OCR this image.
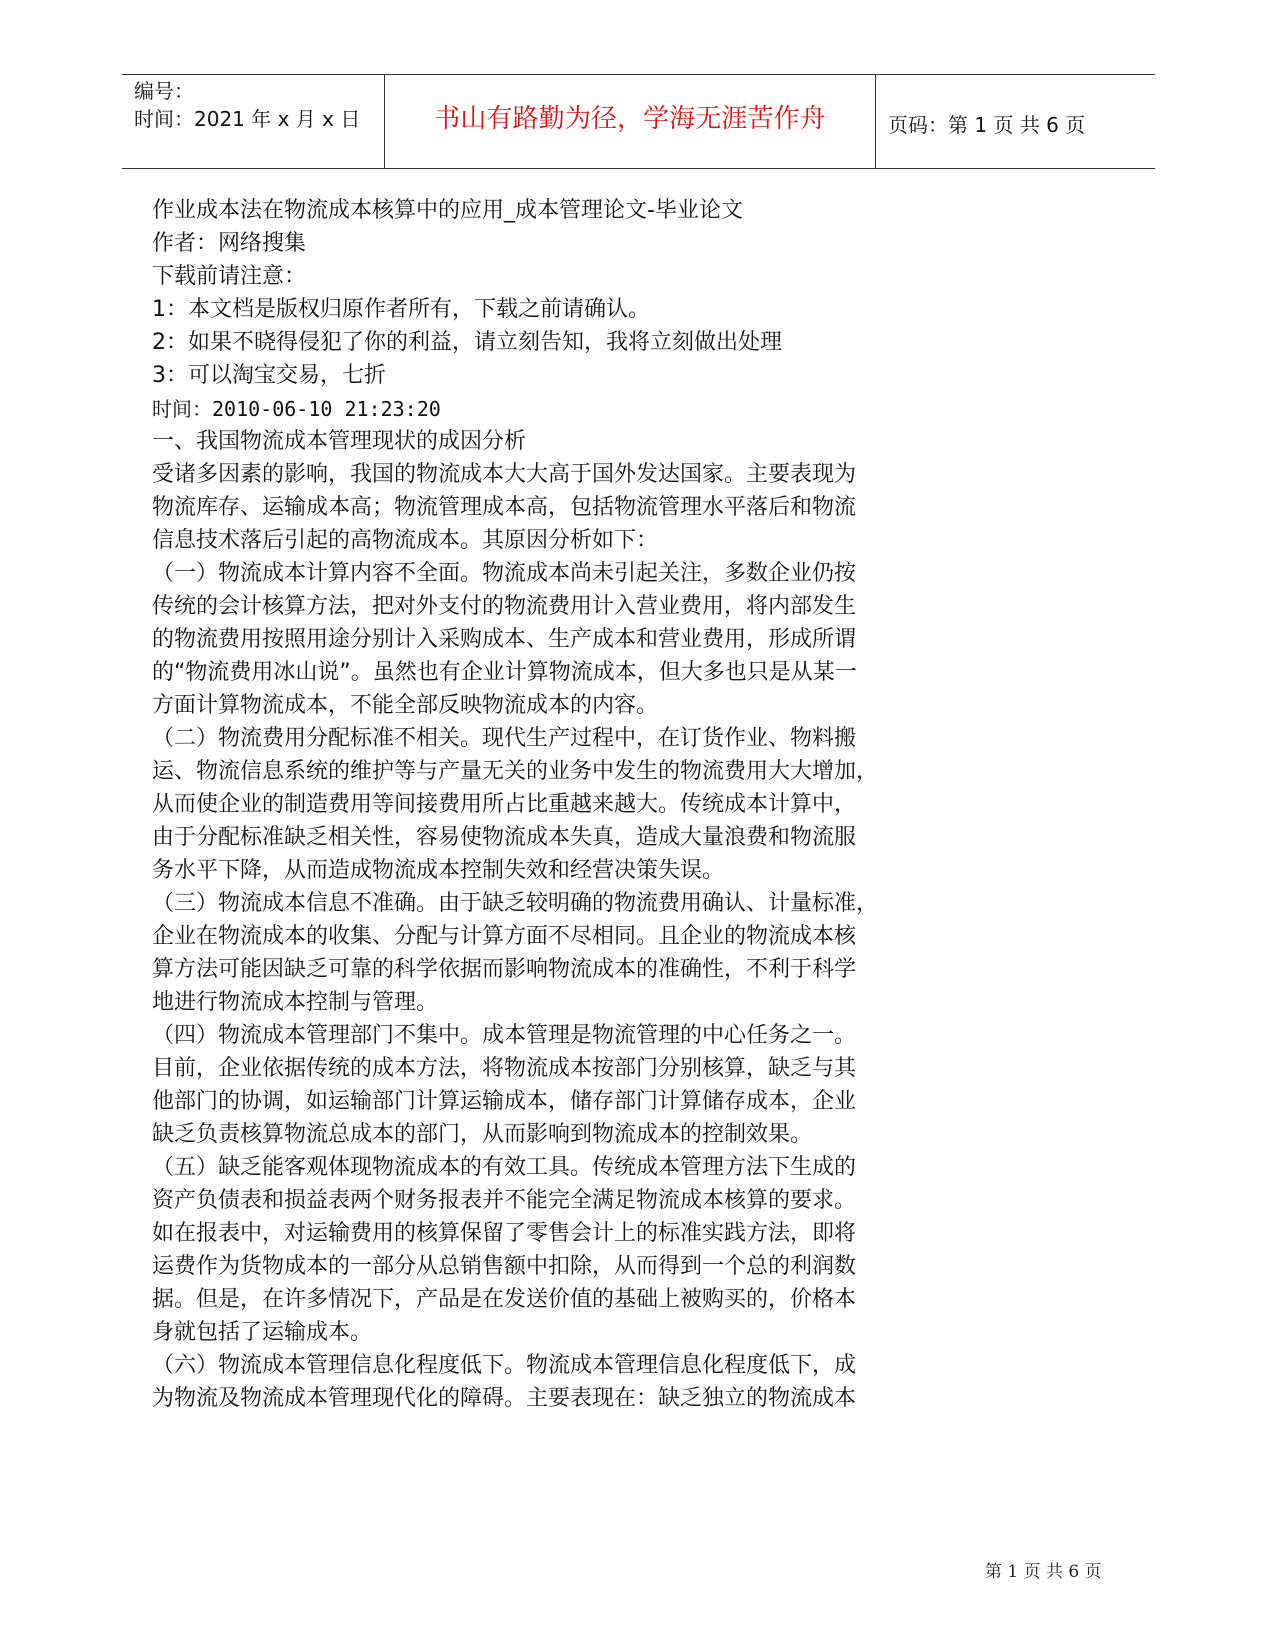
编号：
时间：2021 年 x 月 x 日	书山有路勤为径，学海无涯苦作舟	页码：第 1 页 共 6 页
作业成本法在物流成本核算中的应用_成本管理论文-毕业论文
作者：网络搜集
下载前请注意：
1：本文档是版权归原作者所有，下载之前请确认。
2：如果不晓得侵犯了你的利益，请立刻告知，我将立刻做出处理
3：可以淘宝交易，七折
时间：2010-06-10 21:23:20
一、我国物流成本管理现状的成因分析
受诸多因素的影响，我国的物流成本大大高于国外发达国家。主要表现为
物流库存、运输成本高；物流管理成本高，包括物流管理水平落后和物流
信息技术落后引起的高物流成本。其原因分析如下：
（一）物流成本计算内容不全面。物流成本尚未引起关注，多数企业仍按
传统的会计核算方法，把对外支付的物流费用计入营业费用，将内部发生
的物流费用按照用途分别计入采购成本、生产成本和营业费用，形成所谓
的“物流费用冰山说”。虽然也有企业计算物流成本，但大多也只是从某一
方面计算物流成本，不能全部反映物流成本的内容。
（二）物流费用分配标准不相关。现代生产过程中，在订货作业、物料搬
运、物流信息系统的维护等与产量无关的业务中发生的物流费用大大增加，
从而使企业的制造费用等间接费用所占比重越来越大。传统成本计算中，
由于分配标准缺乏相关性，容易使物流成本失真，造成大量浪费和物流服
务水平下降，从而造成物流成本控制失效和经营决策失误。
（三）物流成本信息不准确。由于缺乏较明确的物流费用确认、计量标准，
企业在物流成本的收集、分配与计算方面不尽相同。且企业的物流成本核
算方法可能因缺乏可靠的科学依据而影响物流成本的准确性，不利于科学
地进行物流成本控制与管理。
（四）物流成本管理部门不集中。成本管理是物流管理的中心任务之一。
目前，企业依据传统的成本方法，将物流成本按部门分别核算，缺乏与其
他部门的协调，如运输部门计算运输成本，储存部门计算储存成本，企业
缺乏负责核算物流总成本的部门，从而影响到物流成本的控制效果。
（五）缺乏能客观体现物流成本的有效工具。传统成本管理方法下生成的
资产负债表和损益表两个财务报表并不能完全满足物流成本核算的要求。
如在报表中，对运输费用的核算保留了零售会计上的标准实践方法，即将
运费作为货物成本的一部分从总销售额中扣除，从而得到一个总的利润数
据。但是，在许多情况下，产品是在发送价值的基础上被购买的，价格本
身就包括了运输成本。
（六）物流成本管理信息化程度低下。物流成本管理信息化程度低下，成
为物流及物流成本管理现代化的障碍。主要表现在：缺乏独立的物流成本
第 1 页 共 6 页
